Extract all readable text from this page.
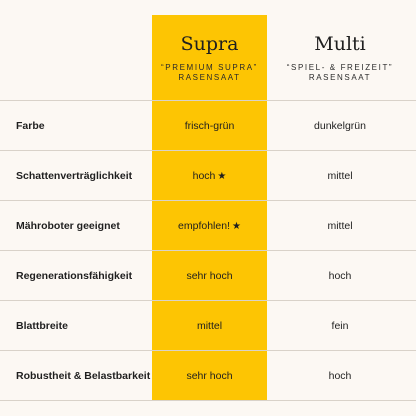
Supra
“PREMIUM SUPRA”
RASENSAAT
Multi
“SPIEL- & FREIZEIT”
RASENSAAT
Farbe	frisch-grün	dunkelgrün
Schattenverträglichkeit	hoch ★	mittel
Mähroboter geeignet	empfohlen! ★	mittel
Regenerationsfähigkeit	sehr hoch	hoch
Blattbreite	mittel	fein
Robustheit & Belastbarkeit	sehr hoch	hoch
